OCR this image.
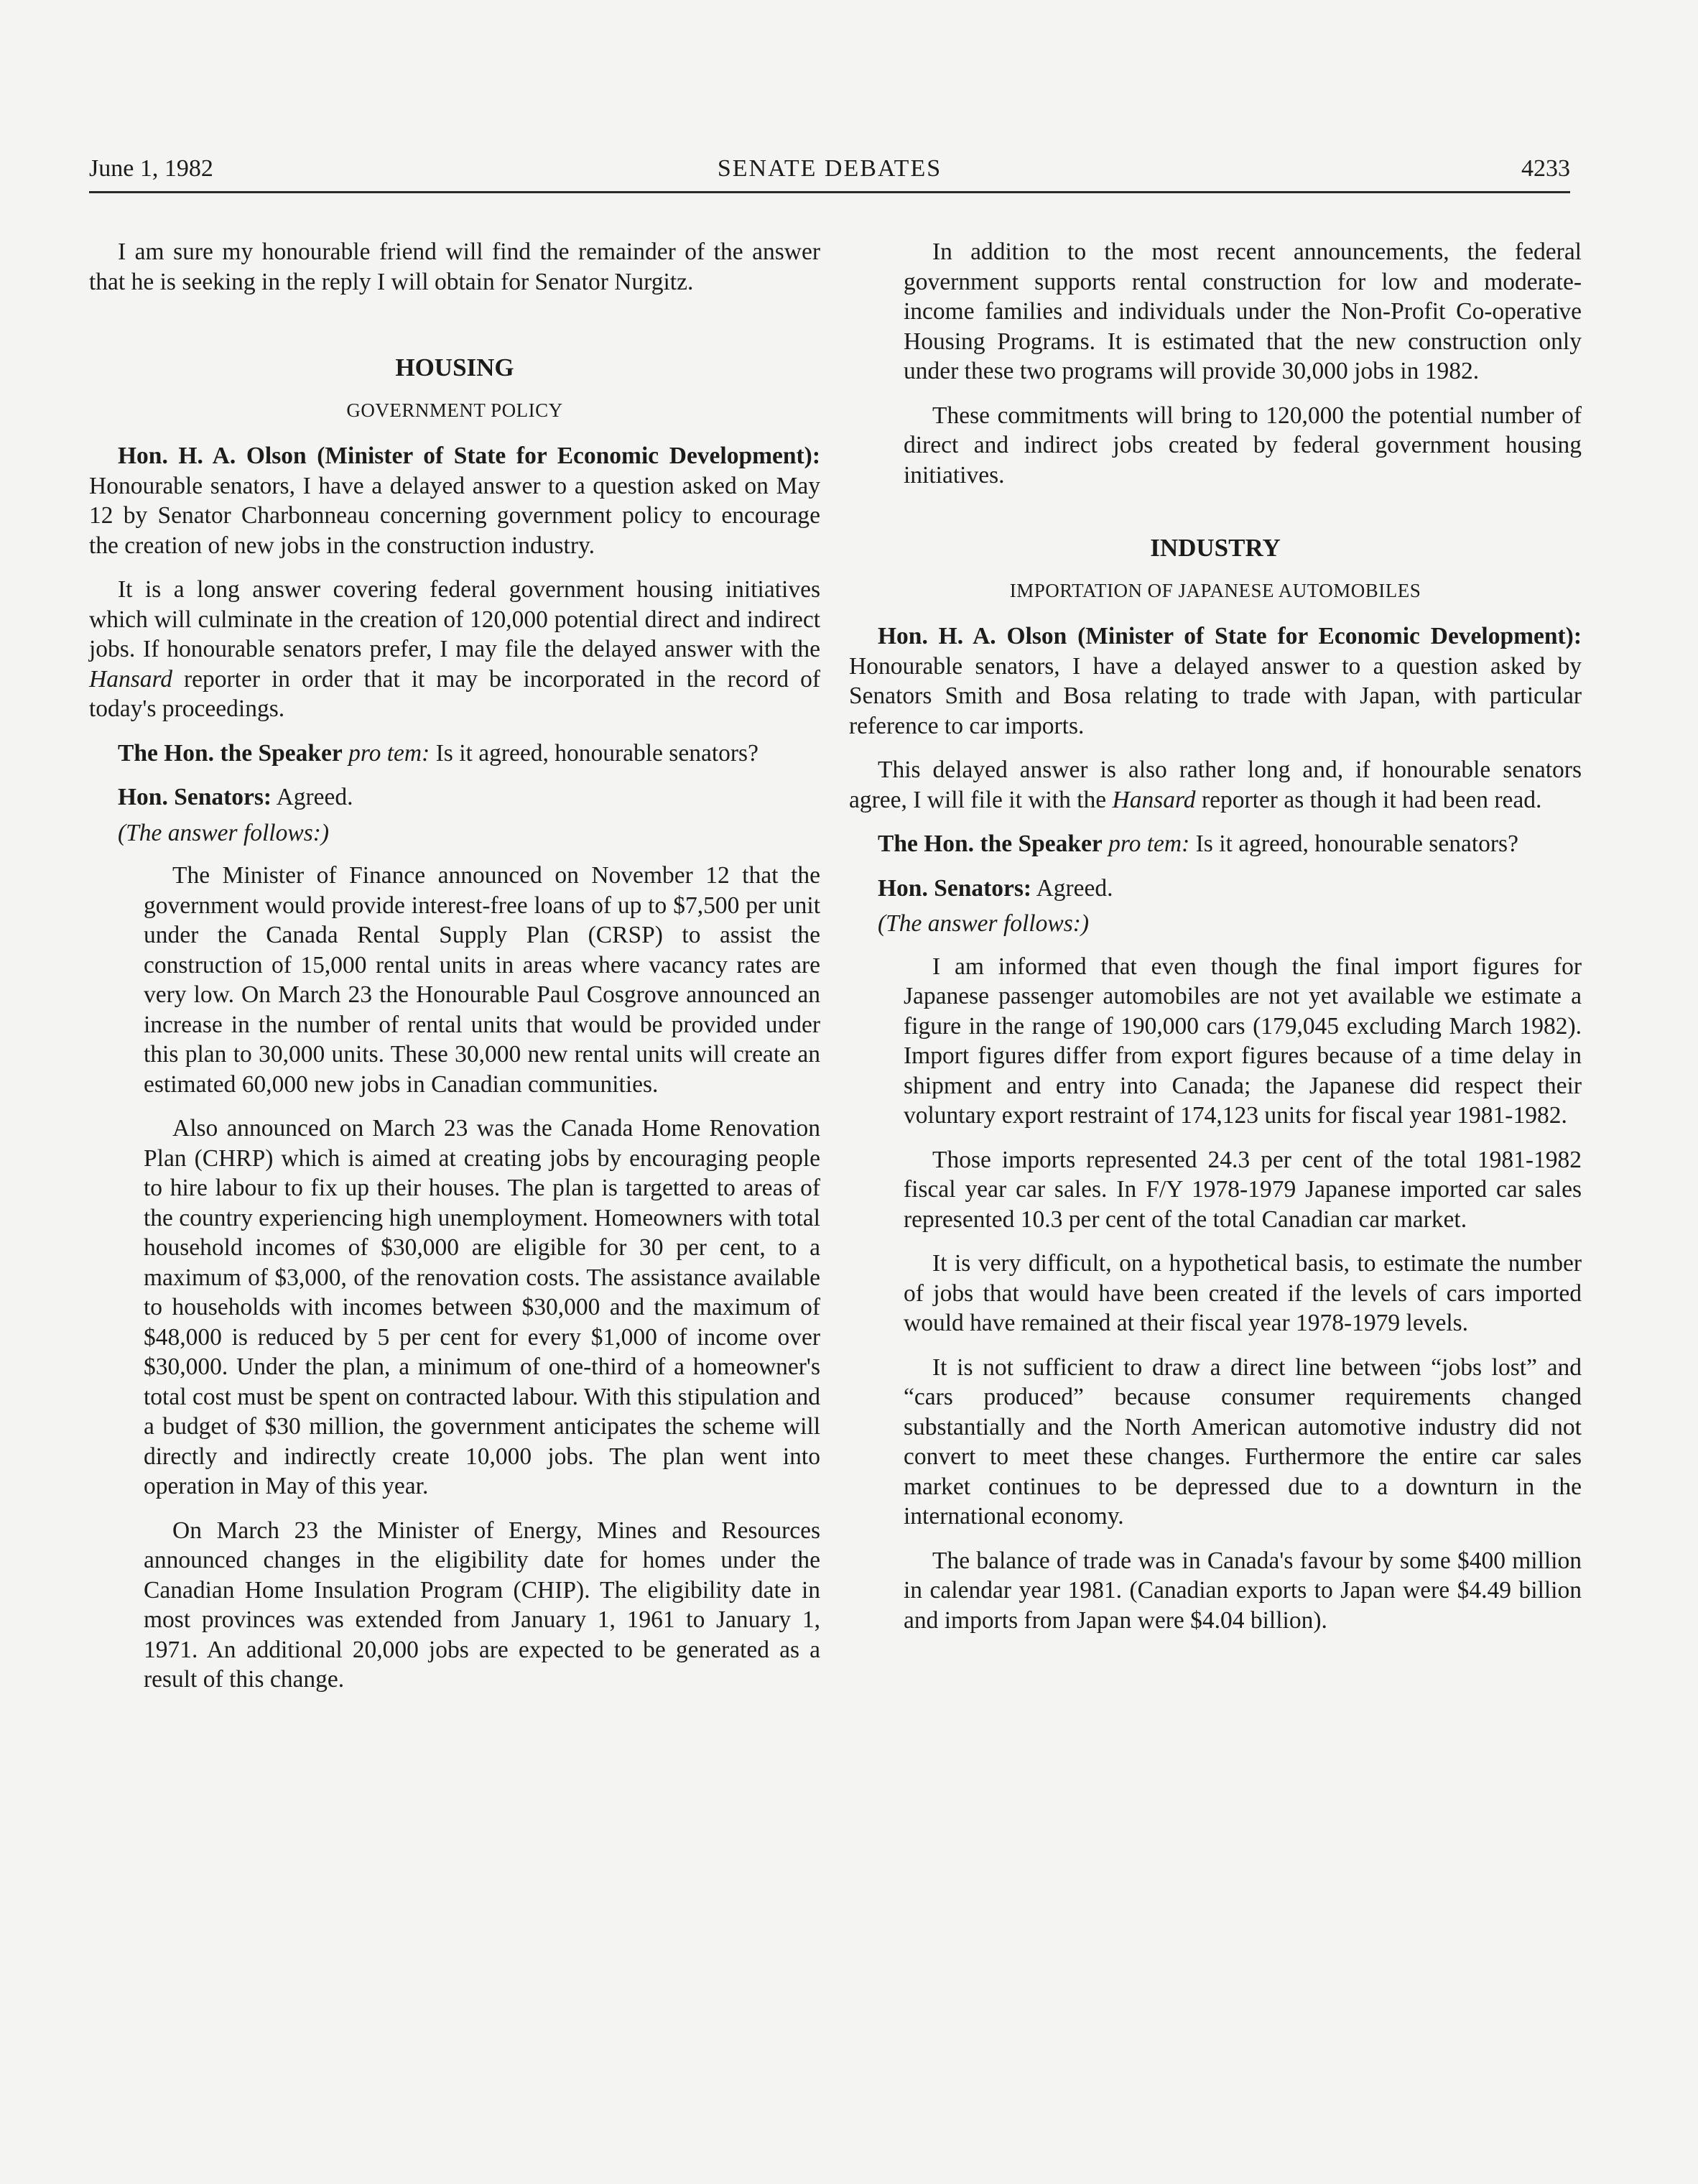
June 1, 1982	SENATE DEBATES	4233

I am sure my honourable friend will find the remainder of the answer that he is seeking in the reply I will obtain for Senator Nurgitz.

HOUSING
GOVERNMENT POLICY

Hon. H. A. Olson (Minister of State for Economic Development): Honourable senators, I have a delayed answer to a question asked on May 12 by Senator Charbonneau concerning government policy to encourage the creation of new jobs in the construction industry.

It is a long answer covering federal government housing initiatives which will culminate in the creation of 120,000 potential direct and indirect jobs. If honourable senators prefer, I may file the delayed answer with the Hansard reporter in order that it may be incorporated in the record of today's proceedings.

The Hon. the Speaker pro tem: Is it agreed, honourable senators?

Hon. Senators: Agreed.

(The answer follows:)

The Minister of Finance announced on November 12 that the government would provide interest-free loans of up to $7,500 per unit under the Canada Rental Supply Plan (CRSP) to assist the construction of 15,000 rental units in areas where vacancy rates are very low. On March 23 the Honourable Paul Cosgrove announced an increase in the number of rental units that would be provided under this plan to 30,000 units. These 30,000 new rental units will create an estimated 60,000 new jobs in Canadian communities.

Also announced on March 23 was the Canada Home Renovation Plan (CHRP) which is aimed at creating jobs by encouraging people to hire labour to fix up their houses. The plan is targetted to areas of the country experiencing high unemployment. Homeowners with total household incomes of $30,000 are eligible for 30 per cent, to a maximum of $3,000, of the renovation costs. The assistance available to households with incomes between $30,000 and the maximum of $48,000 is reduced by 5 per cent for every $1,000 of income over $30,000. Under the plan, a minimum of one-third of a homeowner's total cost must be spent on contracted labour. With this stipulation and a budget of $30 million, the government anticipates the scheme will directly and indirectly create 10,000 jobs. The plan went into operation in May of this year.

On March 23 the Minister of Energy, Mines and Resources announced changes in the eligibility date for homes under the Canadian Home Insulation Program (CHIP). The eligibility date in most provinces was extended from January 1, 1961 to January 1, 1971. An additional 20,000 jobs are expected to be generated as a result of this change.

In addition to the most recent announcements, the federal government supports rental construction for low and moderate-income families and individuals under the Non-Profit Co-operative Housing Programs. It is estimated that the new construction only under these two programs will provide 30,000 jobs in 1982.

These commitments will bring to 120,000 the potential number of direct and indirect jobs created by federal government housing initiatives.

INDUSTRY
IMPORTATION OF JAPANESE AUTOMOBILES

Hon. H. A. Olson (Minister of State for Economic Development): Honourable senators, I have a delayed answer to a question asked by Senators Smith and Bosa relating to trade with Japan, with particular reference to car imports.

This delayed answer is also rather long and, if honourable senators agree, I will file it with the Hansard reporter as though it had been read.

The Hon. the Speaker pro tem: Is it agreed, honourable senators?

Hon. Senators: Agreed.

(The answer follows:)

I am informed that even though the final import figures for Japanese passenger automobiles are not yet available we estimate a figure in the range of 190,000 cars (179,045 excluding March 1982). Import figures differ from export figures because of a time delay in shipment and entry into Canada; the Japanese did respect their voluntary export restraint of 174,123 units for fiscal year 1981-1982.

Those imports represented 24.3 per cent of the total 1981-1982 fiscal year car sales. In F/Y 1978-1979 Japanese imported car sales represented 10.3 per cent of the total Canadian car market.

It is very difficult, on a hypothetical basis, to estimate the number of jobs that would have been created if the levels of cars imported would have remained at their fiscal year 1978-1979 levels.

It is not sufficient to draw a direct line between “jobs lost” and “cars produced” because consumer requirements changed substantially and the North American automotive industry did not convert to meet these changes. Furthermore the entire car sales market continues to be depressed due to a downturn in the international economy.

The balance of trade was in Canada's favour by some $400 million in calendar year 1981. (Canadian exports to Japan were $4.49 billion and imports from Japan were $4.04 billion).
